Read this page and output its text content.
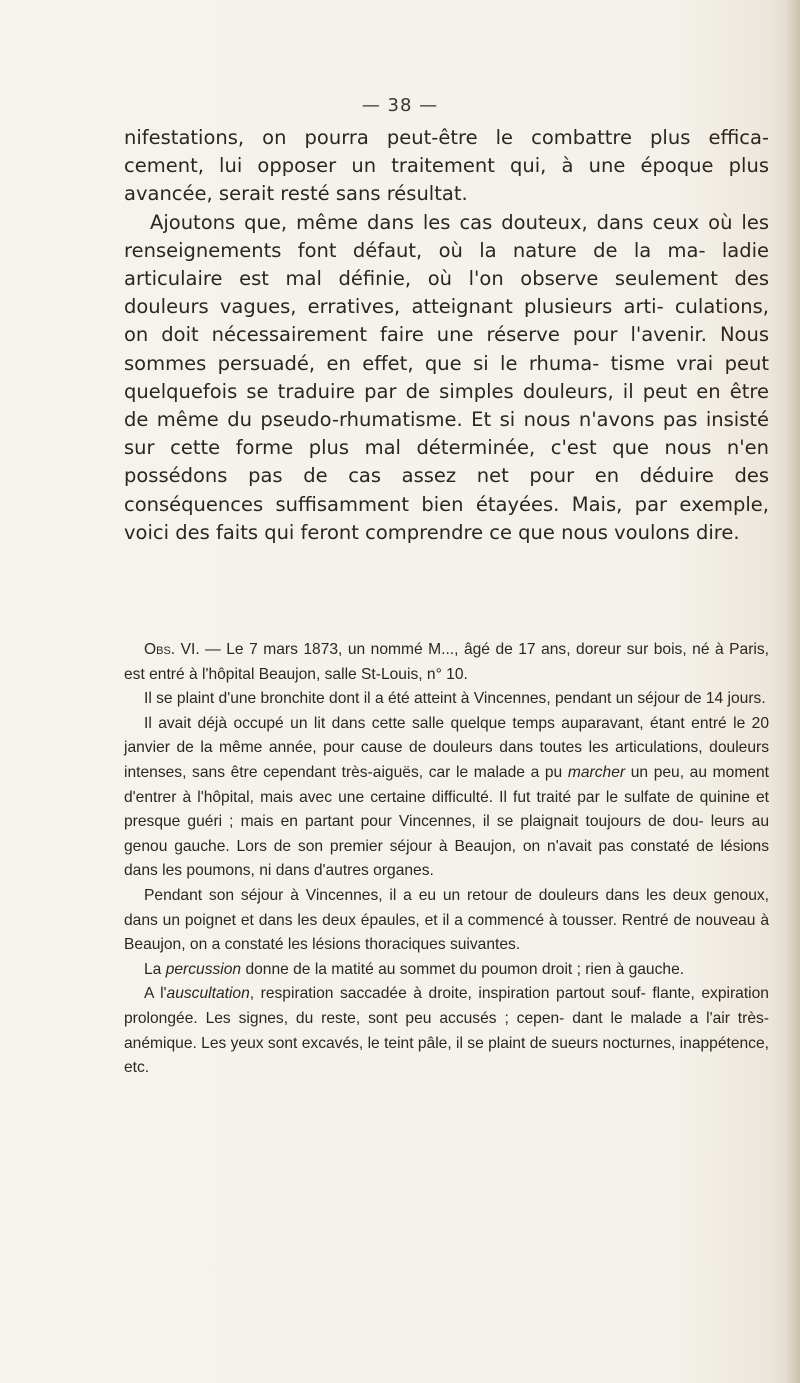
— 38 —

nifestations, on pourra peut-être le combattre plus effica- cement, lui opposer un traitement qui, à une époque plus avancée, serait resté sans résultat.

Ajoutons que, même dans les cas douteux, dans ceux où les renseignements font défaut, où la nature de la ma- ladie articulaire est mal définie, où l'on observe seulement des douleurs vagues, erratives, atteignant plusieurs arti- culations, on doit nécessairement faire une réserve pour l'avenir. Nous sommes persuadé, en effet, que si le rhuma- tisme vrai peut quelquefois se traduire par de simples douleurs, il peut en être de même du pseudo-rhumatisme. Et si nous n'avons pas insisté sur cette forme plus mal déterminée, c'est que nous n'en possédons pas de cas assez net pour en déduire des conséquences suffisamment bien étayées. Mais, par exemple, voici des faits qui feront comprendre ce que nous voulons dire.

Obs. VI. — Le 7 mars 1873, un nommé M..., âgé de 17 ans, doreur sur bois, né à Paris, est entré à l'hôpital Beaujon, salle St-Louis, n° 10.

Il se plaint d'une bronchite dont il a été atteint à Vincennes, pendant un séjour de 14 jours.

Il avait déjà occupé un lit dans cette salle quelque temps auparavant, étant entré le 20 janvier de la même année, pour cause de douleurs dans toutes les articulations, douleurs intenses, sans être cependant très-aiguës, car le malade a pu marcher un peu, au moment d'entrer à l'hôpital, mais avec une certaine difficulté. Il fut traité par le sulfate de quinine et presque guéri ; mais en partant pour Vincennes, il se plaignait toujours de dou- leurs au genou gauche. Lors de son premier séjour à Beaujon, on n'avait pas constaté de lésions dans les poumons, ni dans d'autres organes.

Pendant son séjour à Vincennes, il a eu un retour de douleurs dans les deux genoux, dans un poignet et dans les deux épaules, et il a commencé à tousser. Rentré de nouveau à Beaujon, on a constaté les lésions thoraciques suivantes.

La percussion donne de la matité au sommet du poumon droit ; rien à gauche.

A l'auscultation, respiration saccadée à droite, inspiration partout souf- flante, expiration prolongée. Les signes, du reste, sont peu accusés ; cepen- dant le malade a l'air très-anémique. Les yeux sont excavés, le teint pâle, il se plaint de sueurs nocturnes, inappétence, etc.
